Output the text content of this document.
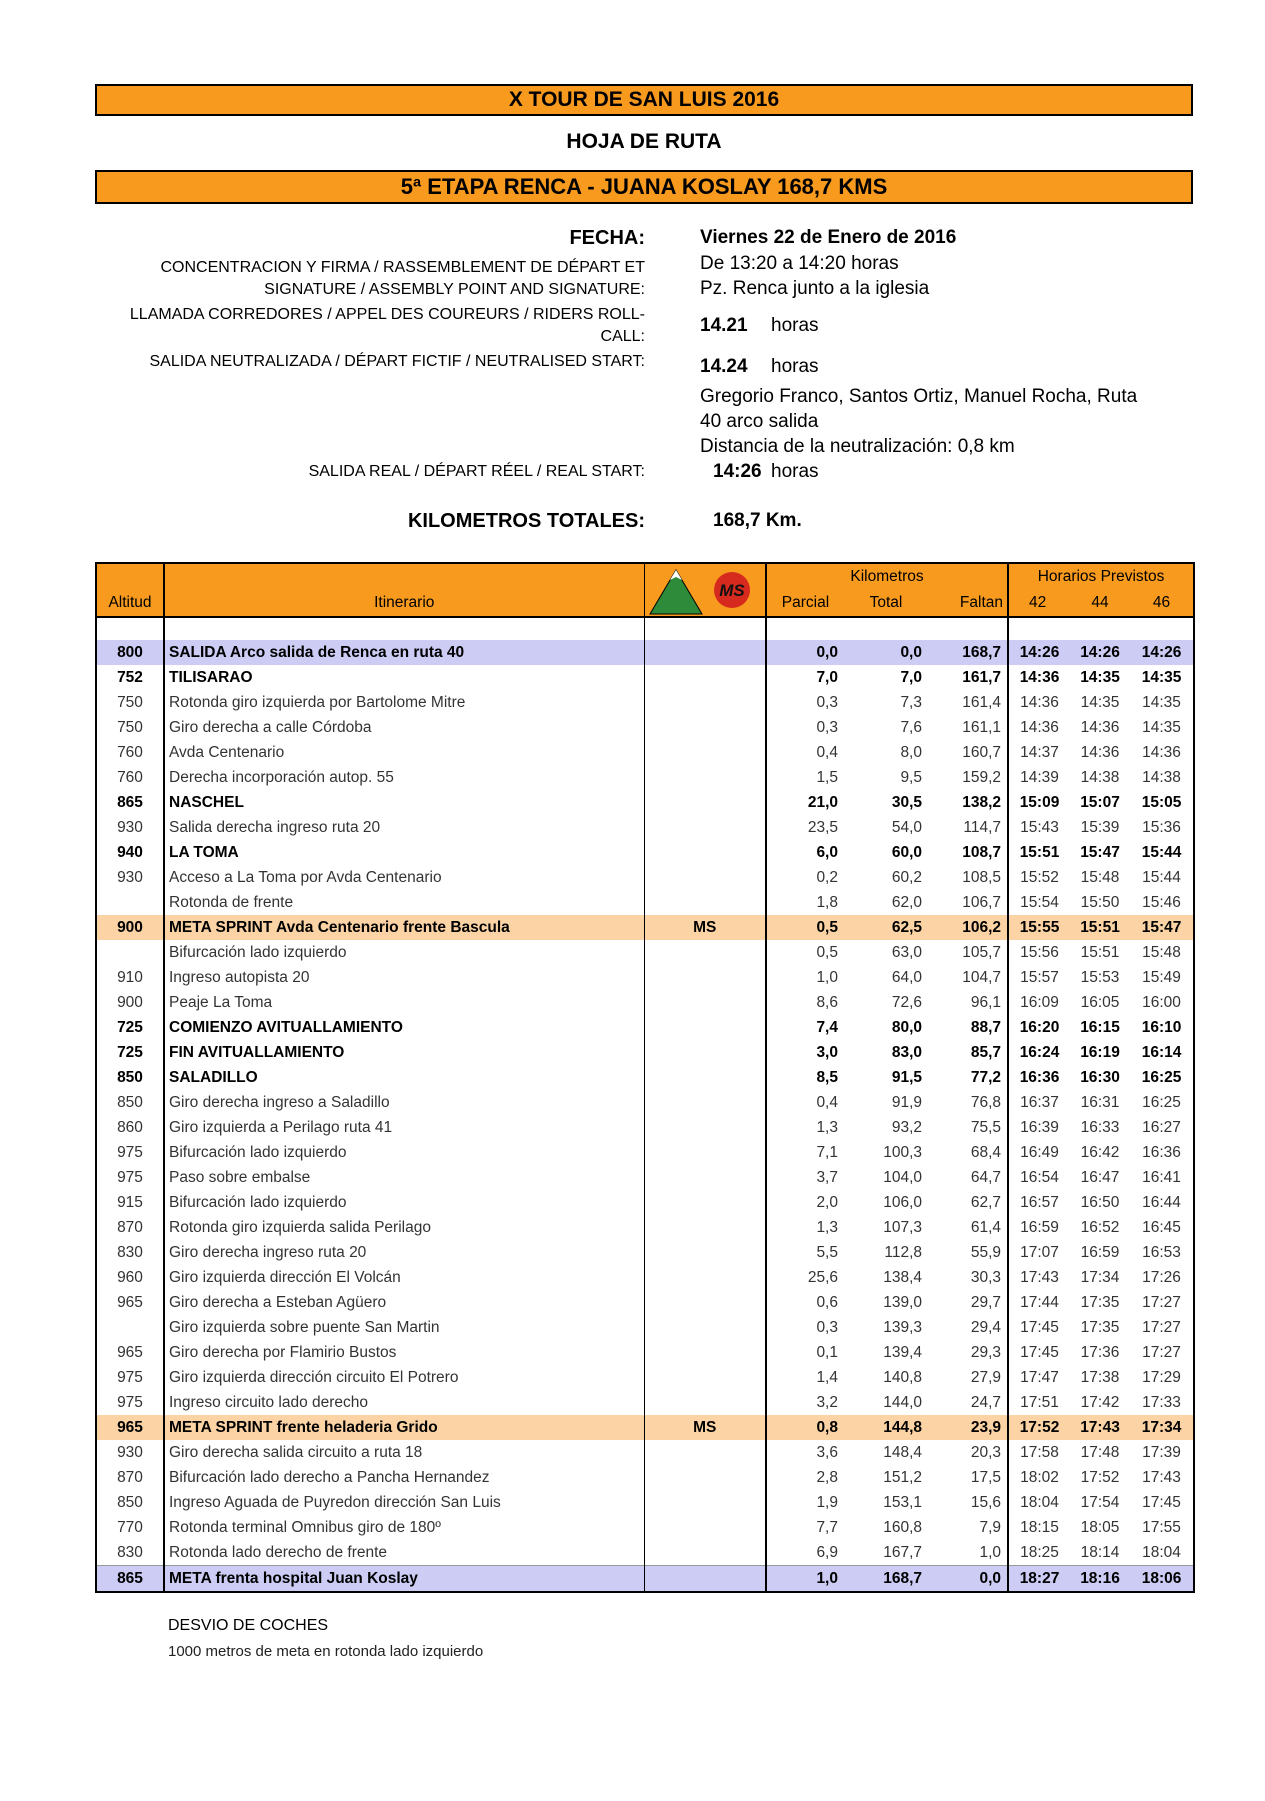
X TOUR DE SAN LUIS 2016
HOJA DE RUTA
5ª ETAPA RENCA - JUANA KOSLAY 168,7 KMS
FECHA:	Viernes 22 de Enero de 2016
CONCENTRACION Y FIRMA / RASSEMBLEMENT DE DÉPART ET
SIGNATURE / ASSEMBLY POINT AND SIGNATURE:
De 13:20 a 14:20 horas
Pz. Renca junto a la iglesia
LLAMADA CORREDORES / APPEL DES COUREURS / RIDERS ROLL-
CALL:
14.21 horas
SALIDA NEUTRALIZADA / DÉPART FICTIF / NEUTRALISED START:	14.24 horas
Gregorio Franco, Santos Ortiz, Manuel Rocha, Ruta
40 arco salida
Distancia de la neutralización: 0,8 km
SALIDA REAL / DÉPART RÉEL / REAL START:	14:26 horas
KILOMETROS TOTALES:	168,7 Km.

MS	Kilometros			Horarios Previstos		
Altitud	Itinerario		Parcial	Total	Faltan	42	44	46

800	SALIDA Arco salida de Renca en ruta 40		0,0	0,0	168,7	14:26	14:26	14:26
752	TILISARAO		7,0	7,0	161,7	14:36	14:35	14:35
750	Rotonda giro izquierda por Bartolome Mitre		0,3	7,3	161,4	14:36	14:35	14:35
750	Giro derecha a calle Córdoba		0,3	7,6	161,1	14:36	14:36	14:35
760	Avda Centenario		0,4	8,0	160,7	14:37	14:36	14:36
760	Derecha incorporación autop. 55		1,5	9,5	159,2	14:39	14:38	14:38
865	NASCHEL		21,0	30,5	138,2	15:09	15:07	15:05
930	Salida derecha ingreso ruta 20		23,5	54,0	114,7	15:43	15:39	15:36
940	LA TOMA		6,0	60,0	108,7	15:51	15:47	15:44
930	Acceso a La Toma por Avda Centenario		0,2	60,2	108,5	15:52	15:48	15:44
	Rotonda de frente		1,8	62,0	106,7	15:54	15:50	15:46
900	META SPRINT Avda Centenario frente Bascula	MS	0,5	62,5	106,2	15:55	15:51	15:47
	Bifurcación lado izquierdo		0,5	63,0	105,7	15:56	15:51	15:48
910	Ingreso autopista 20		1,0	64,0	104,7	15:57	15:53	15:49
900	Peaje La Toma		8,6	72,6	96,1	16:09	16:05	16:00
725	COMIENZO AVITUALLAMIENTO		7,4	80,0	88,7	16:20	16:15	16:10
725	FIN AVITUALLAMIENTO		3,0	83,0	85,7	16:24	16:19	16:14
850	SALADILLO		8,5	91,5	77,2	16:36	16:30	16:25
850	Giro derecha ingreso a Saladillo		0,4	91,9	76,8	16:37	16:31	16:25
860	Giro izquierda a Perilago ruta 41		1,3	93,2	75,5	16:39	16:33	16:27
975	Bifurcación lado izquierdo		7,1	100,3	68,4	16:49	16:42	16:36
975	Paso sobre embalse		3,7	104,0	64,7	16:54	16:47	16:41
915	Bifurcación lado izquierdo		2,0	106,0	62,7	16:57	16:50	16:44
870	Rotonda giro izquierda salida Perilago		1,3	107,3	61,4	16:59	16:52	16:45
830	Giro derecha ingreso ruta 20		5,5	112,8	55,9	17:07	16:59	16:53
960	Giro izquierda dirección El Volcán		25,6	138,4	30,3	17:43	17:34	17:26
965	Giro derecha a Esteban Agüero		0,6	139,0	29,7	17:44	17:35	17:27
	Giro izquierda sobre puente San Martin		0,3	139,3	29,4	17:45	17:35	17:27
965	Giro derecha por Flamirio Bustos		0,1	139,4	29,3	17:45	17:36	17:27
975	Giro izquierda dirección circuito El Potrero		1,4	140,8	27,9	17:47	17:38	17:29
975	Ingreso circuito lado derecho		3,2	144,0	24,7	17:51	17:42	17:33
965	META SPRINT frente heladeria Grido	MS	0,8	144,8	23,9	17:52	17:43	17:34
930	Giro derecha salida circuito a ruta 18		3,6	148,4	20,3	17:58	17:48	17:39
870	Bifurcación lado derecho a Pancha Hernandez		2,8	151,2	17,5	18:02	17:52	17:43
850	Ingreso Aguada de Puyredon dirección San Luis		1,9	153,1	15,6	18:04	17:54	17:45
770	Rotonda terminal Omnibus giro de 180º		7,7	160,8	7,9	18:15	18:05	17:55
830	Rotonda lado derecho de frente		6,9	167,7	1,0	18:25	18:14	18:04
865	META frenta hospital Juan Koslay		1,0	168,7	0,0	18:27	18:16	18:06
DESVIO DE COCHES
1000 metros de meta en rotonda lado izquierdo
